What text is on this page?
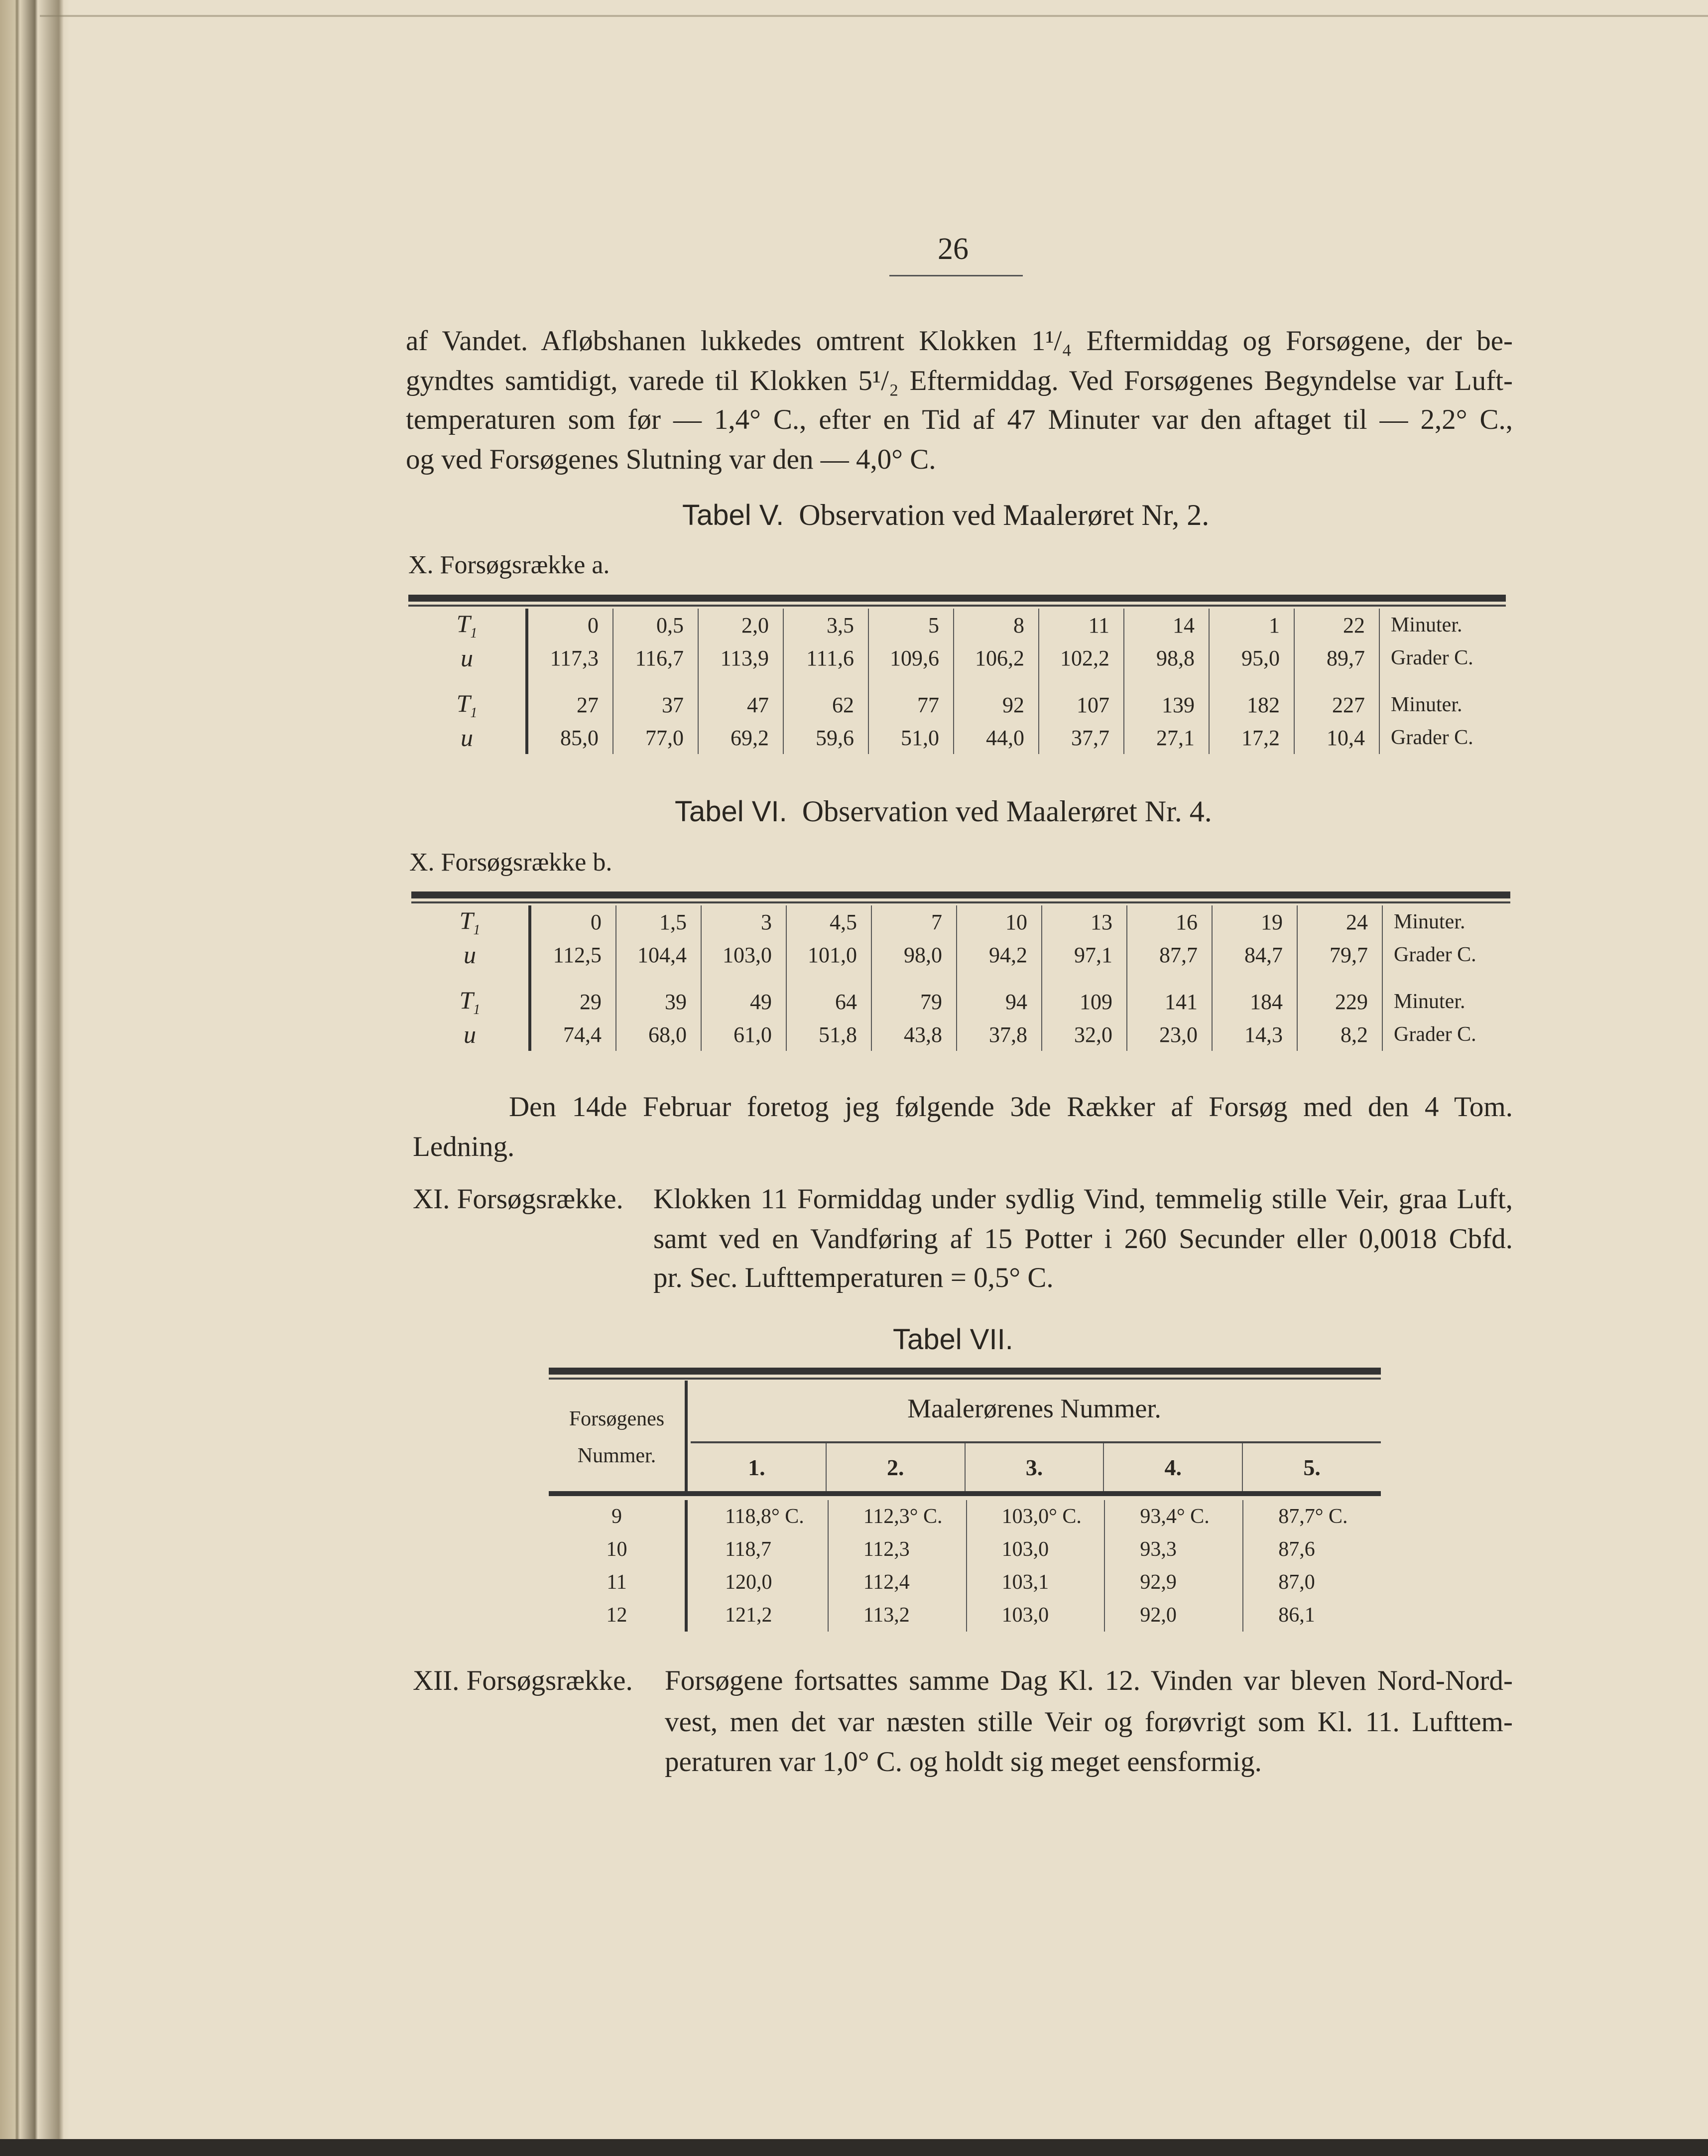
26
af Vandet. Afløbshanen lukkedes omtrent Klokken 1¹/₄ Eftermiddag og Forsøgene, der be-
gyndtes samtidigt, varede til Klokken 5¹/₂ Eftermiddag. Ved Forsøgenes Begyndelse var Luft-
temperaturen som før — 1,4° C., efter en Tid af 47 Minuter var den aftaget til — 2,2° C.,
og ved Forsøgenes Slutning var den — 4,0° C.
Tabel V. Observation ved Maalerøret Nr, 2.
X. Forsøgsrække a.
$T_1$	0	0,5	2,0	3,5	5	8	11	14	1	22	Minuter.
u	117,3	116,7	113,9	111,6	109,6	106,2	102,2	98,8	95,0	89,7	Grader C.

$T_1$	27	37	47	62	77	92	107	139	182	227	Minuter.
u	85,0	77,0	69,2	59,6	51,0	44,0	37,7	27,1	17,2	10,4	Grader C.
Tabel VI. Observation ved Maalerøret Nr. 4.
X. Forsøgsrække b.
$T_1$	0	1,5	3	4,5	7	10	13	16	19	24	Minuter.
u	112,5	104,4	103,0	101,0	98,0	94,2	97,1	87,7	84,7	79,7	Grader C.

$T_1$	29	39	49	64	79	94	109	141	184	229	Minuter.
u	74,4	68,0	61,0	51,8	43,8	37,8	32,0	23,0	14,3	8,2	Grader C.
Den 14de Februar foretog jeg følgende 3de Rækker af Forsøg med den 4 Tom.
Ledning.
XI. Forsøgsrække. Klokken 11 Formiddag under sydlig Vind, temmelig stille Veir, graa Luft,
samt ved en Vandføring af 15 Potter i 260 Secunder eller 0,0018 Cbfd.
pr. Sec. Lufttemperaturen = 0,5° C.
Tabel VII.
Forsøgenes
Nummer.
Maalerørenes Nummer.
1.	2.	3.	4.	5.
9	118,8° C.	112,3° C.	103,0° C.	93,4° C.	87,7° C.
10	118,7	112,3	103,0	93,3	87,6
11	120,0	112,4	103,1	92,9	87,0
12	121,2	113,2	103,0	92,0	86,1
XII. Forsøgsrække. Forsøgene fortsattes samme Dag Kl. 12. Vinden var bleven Nord-Nord-
vest, men det var næsten stille Veir og forøvrigt som Kl. 11. Lufttem-
peraturen var 1,0° C. og holdt sig meget eensformig.
